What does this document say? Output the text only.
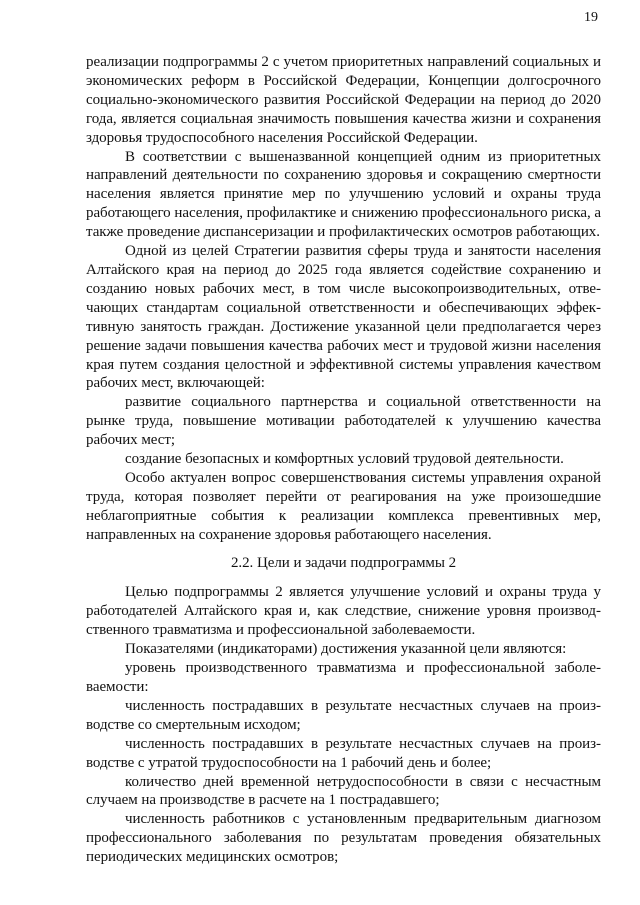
19

реализации подпрограммы 2 с учетом приоритетных направлений социальных и экономических реформ в Российской Федерации, Концепции долгосрочного социально-экономического развития Российской Федерации на период до 2020 года, является социальная значимость повышения качества жизни и сохранения здоровья трудоспособного населения Российской Федерации.

В соответствии с вышеназванной концепцией одним из приоритетных направлений деятельности по сохранению здоровья и сокращению смертности населения является принятие мер по улучшению условий и охраны труда работающего населения, профилактике и снижению профессионального риска, а также проведение диспансеризации и профилактических осмотров работающих.

Одной из целей Стратегии развития сферы труда и занятости населения Алтайского края на период до 2025 года является содействие сохранению и созданию новых рабочих мест, в том числе высокопроизводительных, отвечающих стандартам социальной ответственности и обеспечивающих эффективную занятость граждан. Достижение указанной цели предполагается через решение задачи повышения качества рабочих мест и трудовой жизни населения края путем создания целостной и эффективной системы управления качеством рабочих мест, включающей:

развитие социального партнерства и социальной ответственности на рынке труда, повышение мотивации работодателей к улучшению качества рабочих мест;

создание безопасных и комфортных условий трудовой деятельности.

Особо актуален вопрос совершенствования системы управления охраной труда, которая позволяет перейти от реагирования на уже произошедшие неблагоприятные события к реализации комплекса превентивных мер, направленных на сохранение здоровья работающего населения.

2.2. Цели и задачи подпрограммы 2

Целью подпрограммы 2 является улучшение условий и охраны труда у работодателей Алтайского края и, как следствие, снижение уровня производственного травматизма и профессиональной заболеваемости.

Показателями (индикаторами) достижения указанной цели являются:

уровень производственного травматизма и профессиональной заболеваемости:

численность пострадавших в результате несчастных случаев на производстве со смертельным исходом;

численность пострадавших в результате несчастных случаев на производстве с утратой трудоспособности на 1 рабочий день и более;

количество дней временной нетрудоспособности в связи с несчастным случаем на производстве в расчете на 1 пострадавшего;

численность работников с установленным предварительным диагнозом профессионального заболевания по результатам проведения обязательных периодических медицинских осмотров;
